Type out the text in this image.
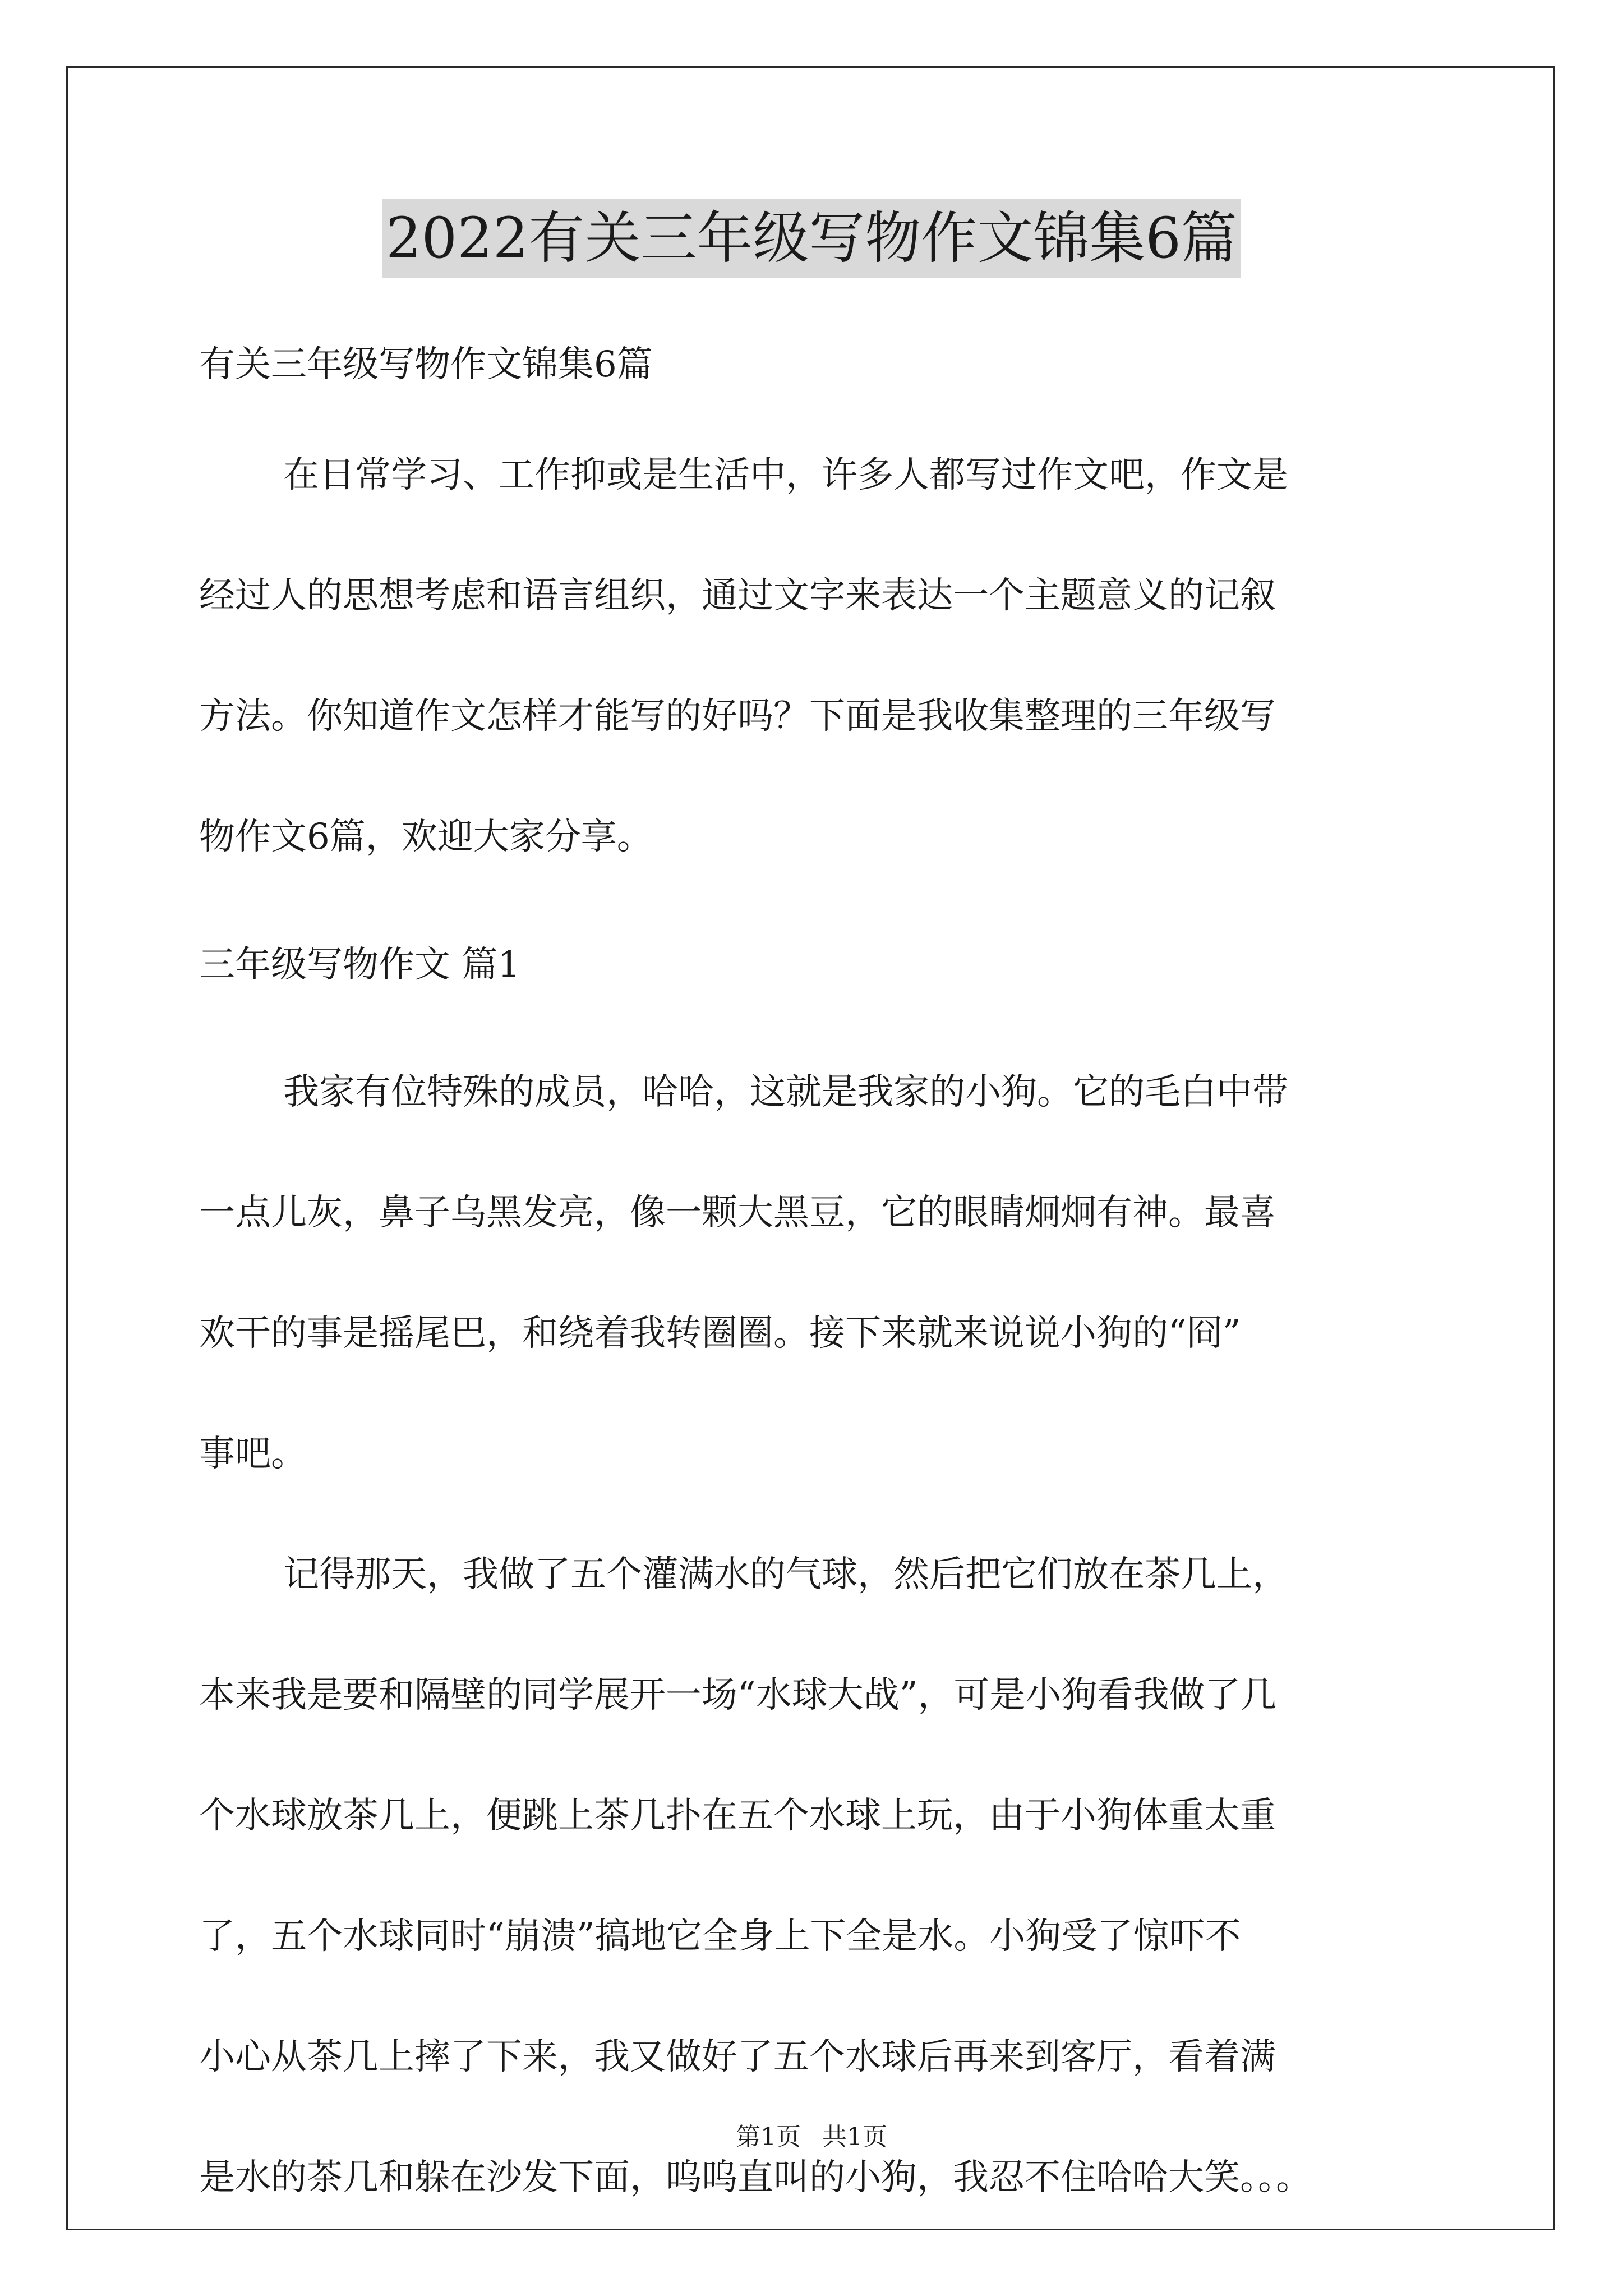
2022有关三年级写物作文锦集6篇

有关三年级写物作文锦集6篇

在日常学习、工作抑或是生活中，许多人都写过作文吧，作文是

经过人的思想考虑和语言组织，通过文字来表达一个主题意义的记叙

方法。你知道作文怎样才能写的好吗？下面是我收集整理的三年级写

物作文6篇，欢迎大家分享。

三年级写物作文 篇1

我家有位特殊的成员，哈哈，这就是我家的小狗。它的毛白中带

一点儿灰，鼻子乌黑发亮，像一颗大黑豆，它的眼睛炯炯有神。最喜

欢干的事是摇尾巴，和绕着我转圈圈。接下来就来说说小狗的“冏”

事吧。

记得那天，我做了五个灌满水的气球，然后把它们放在茶几上，

本来我是要和隔壁的同学展开一场“水球大战”，可是小狗看我做了几

个水球放茶几上，便跳上茶几扑在五个水球上玩，由于小狗体重太重

了，五个水球同时“崩溃”搞地它全身上下全是水。小狗受了惊吓不

小心从茶几上摔了下来，我又做好了五个水球后再来到客厅，看着满

是水的茶几和躲在沙发下面，呜呜直叫的小狗，我忍不住哈哈大笑。。。

第1页 共1页
